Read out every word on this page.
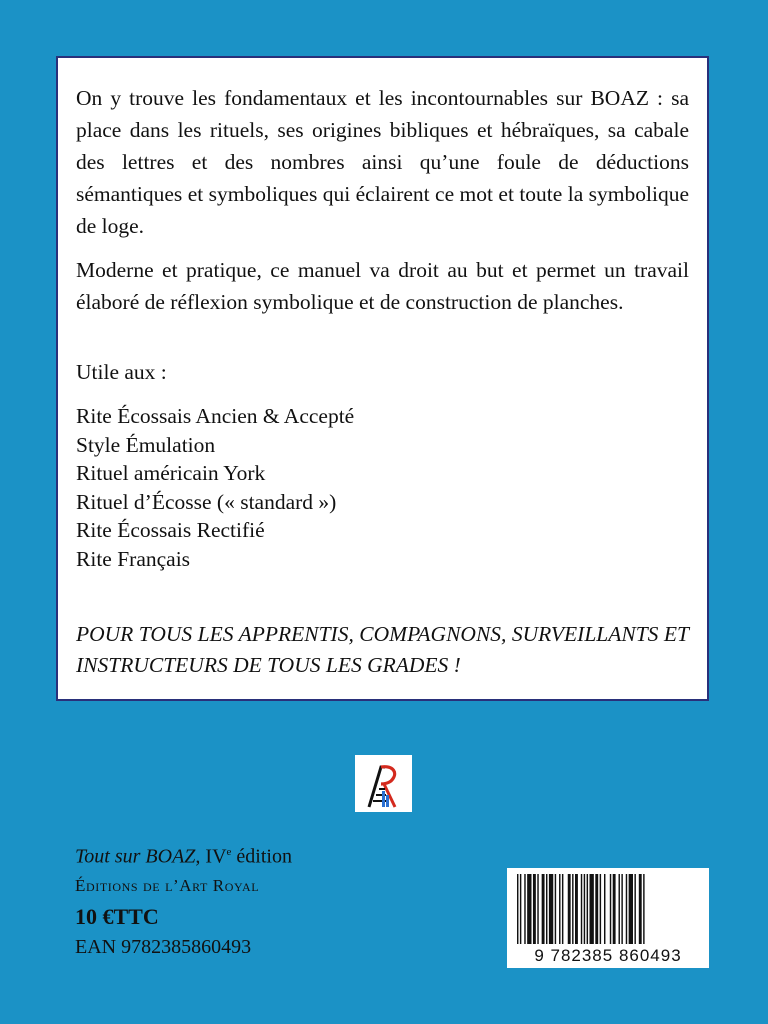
On y trouve les fondamentaux et les incontournables sur BOAZ : sa place dans les rituels, ses origines bibliques et hébraïques, sa cabale des lettres et des nombres ainsi qu’une foule de déductions sémantiques et symboliques qui éclairent ce mot et toute la symbolique de loge.

Moderne et pratique, ce manuel va droit au but et permet un travail élaboré de réflexion symbolique et de construction de planches.

Utile aux :
Rite Écossais Ancien & Accepté
Style Émulation
Rituel américain York
Rituel d’Écosse (« standard »)
Rite Écossais Rectifié
Rite Français

POUR TOUS LES APPRENTIS, COMPAGNONS, SURVEILLANTS ET INSTRUCTEURS DE TOUS LES GRADES !

Tout sur BOAZ, IVe édition
Éditions de l’Art Royal
10 €TTC
EAN 9782385860493	9 782385 860493
